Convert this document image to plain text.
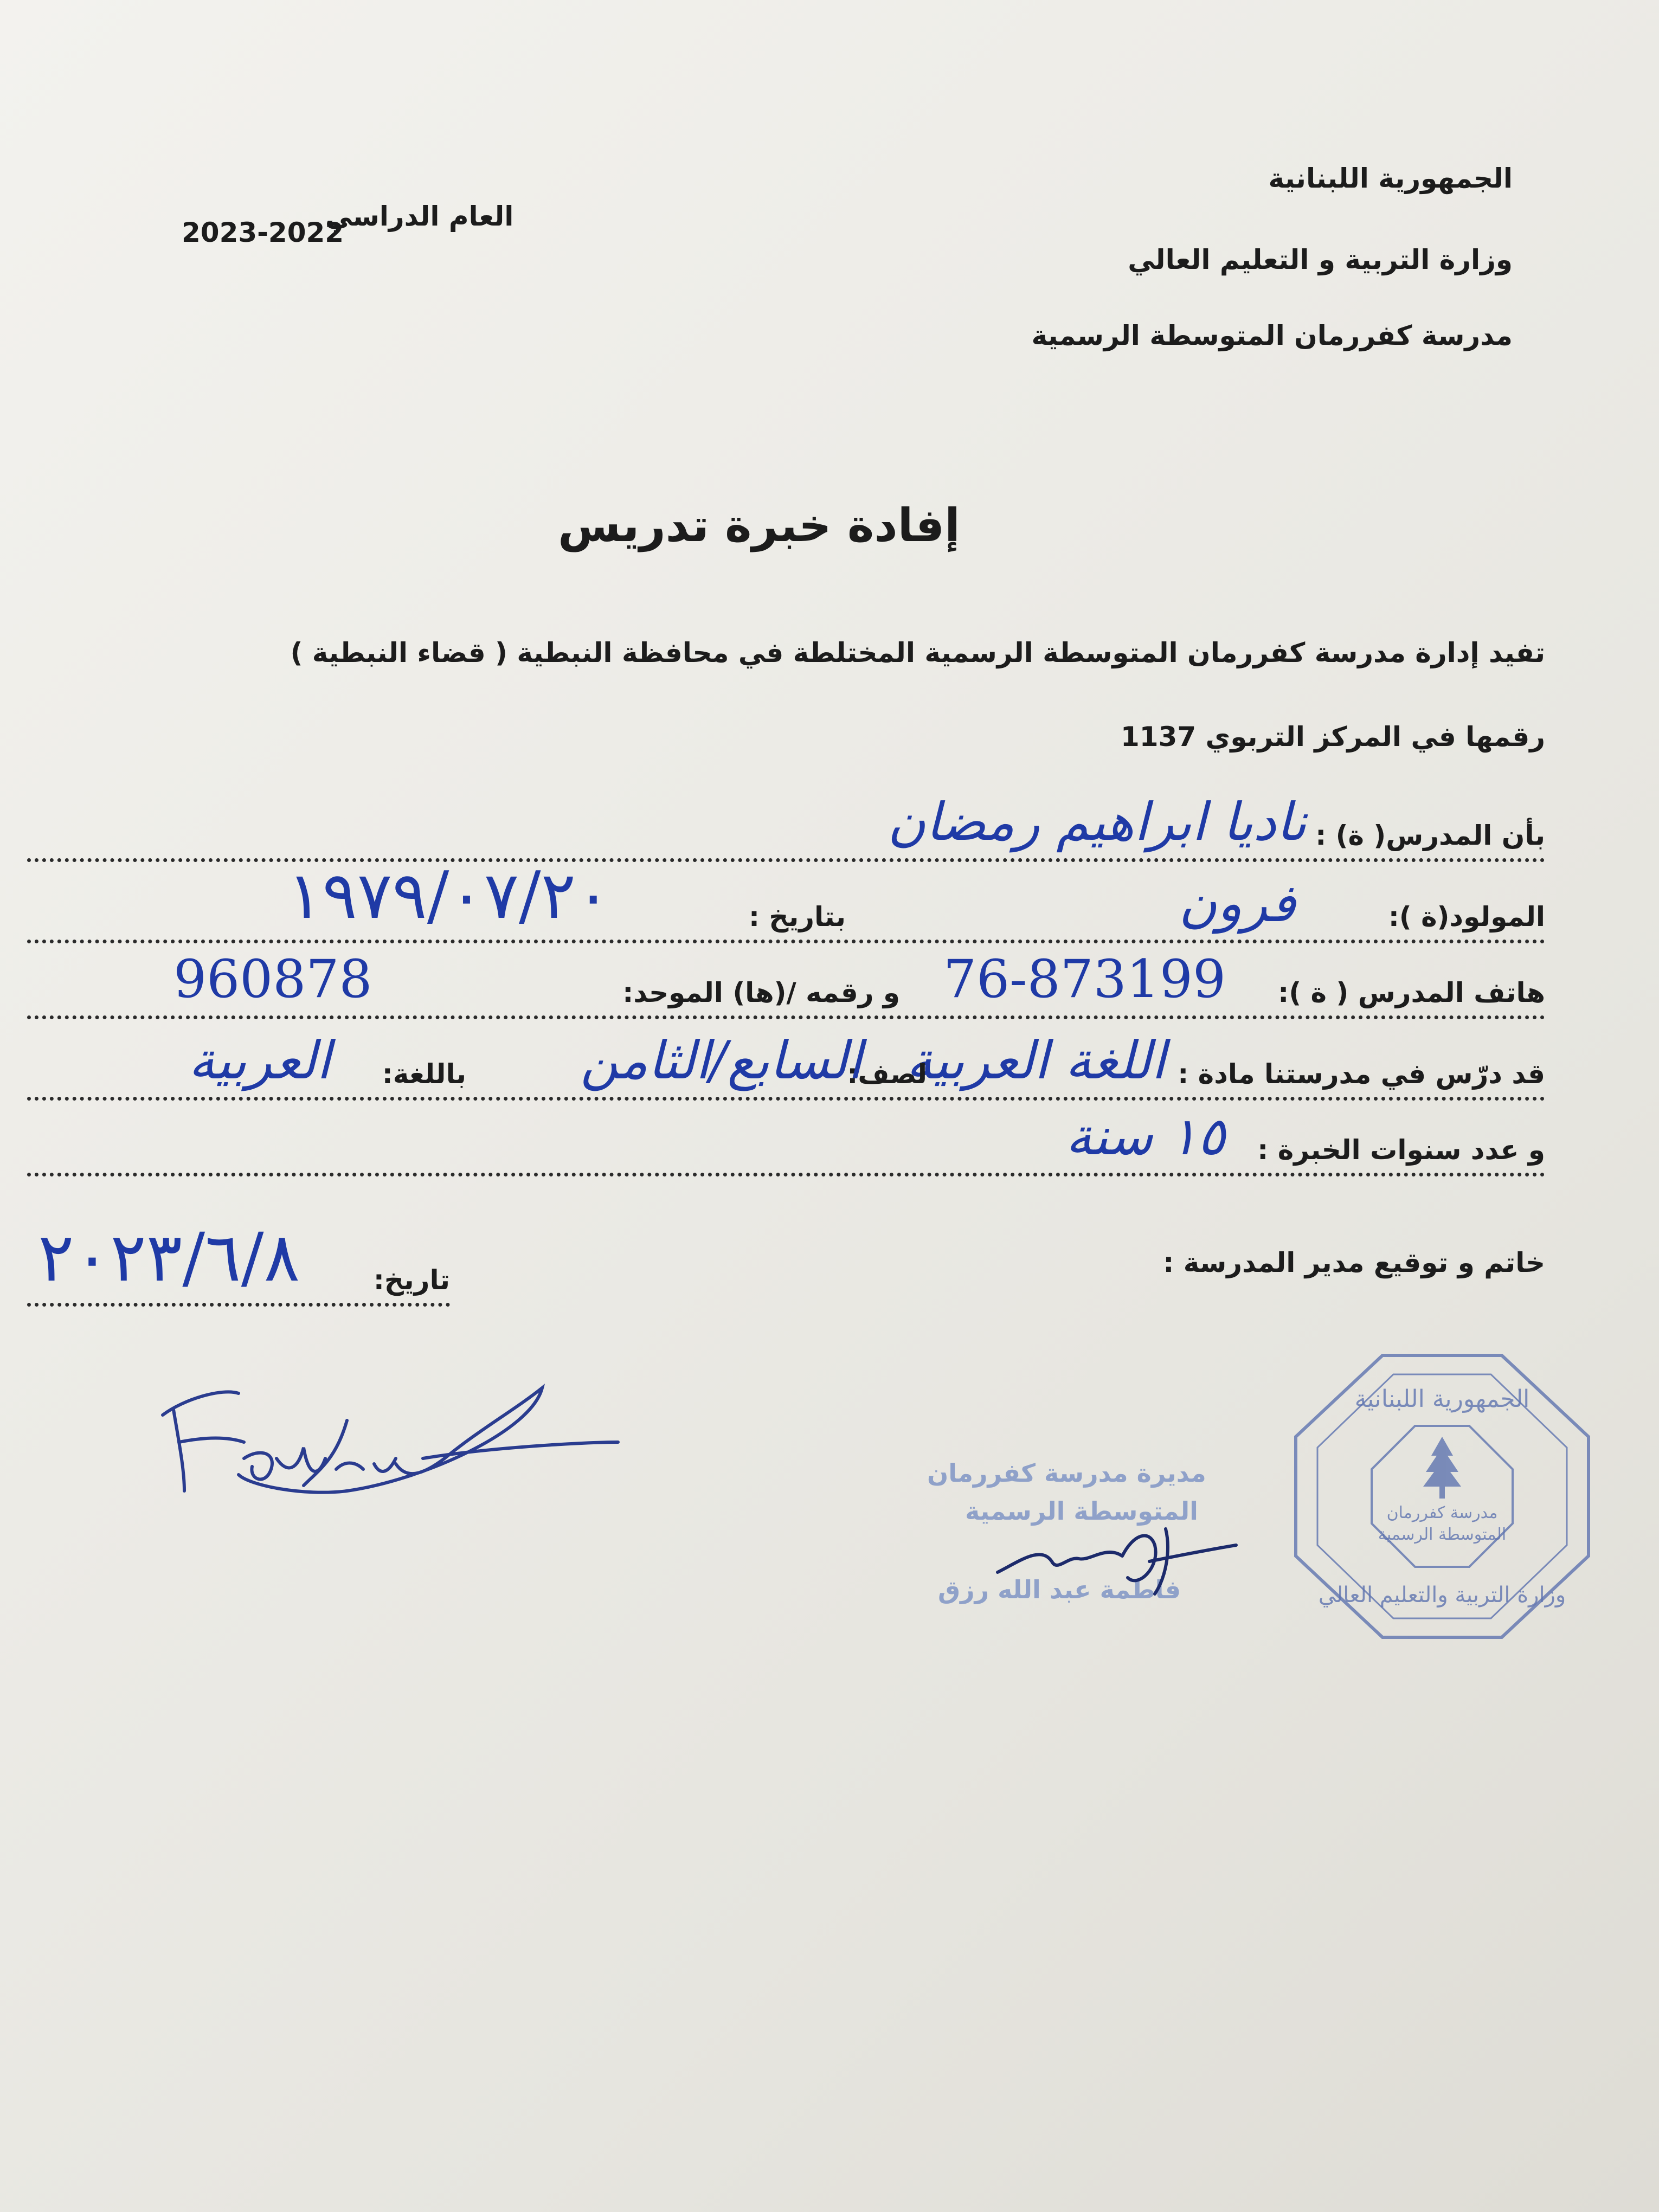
الجمهورية اللبنانية
وزارة التربية و التعليم العالي
مدرسة كفررمان المتوسطة الرسمية
العام الدراسي
2023-2022
إفادة خبرة تدريس
تفيد إدارة مدرسة كفررمان المتوسطة الرسمية المختلطة في محافظة النبطية ( قضاء النبطية )
رقمها في المركز التربوي 1137
بأن المدرس( ة) :
نادیا ابراهیم رمضان
المولود(ة ):
فرون
بتاريخ :
١٩٧٩/٠٧/٢٠
هاتف المدرس ( ة ):
76-873199
و رقمه /(ها) الموحد:
960878
قد درّس في مدرستنا مادة :
اللغة العربية
لصف:
السابع/الثامن
باللغة:
العربية
و عدد سنوات الخبرة :
١٥ سنة
خاتم و توقيع مدير المدرسة :
تاريخ:
٢٠٢٣/٦/٨
مديرة مدرسة كفررمان
المتوسطة الرسمية
فاطمة عبد الله رزق
مدرسة كفررمان
المتوسطة الرسمية
الجمهورية اللبنانية
وزارة التربية والتعليم العالي
